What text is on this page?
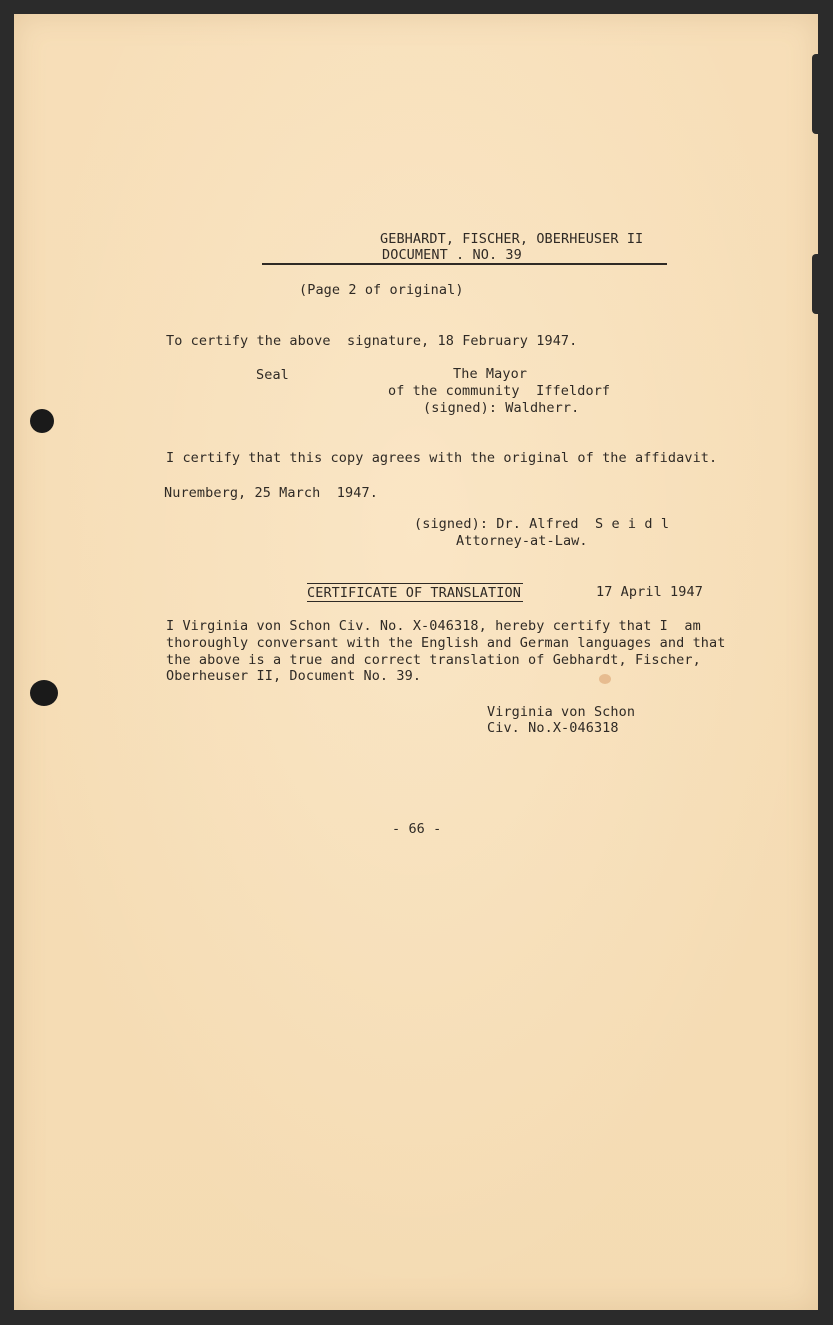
GEBHARDT, FISCHER, OBERHEUSER II
DOCUMENT . NO. 39
(Page 2 of original)
To certify the above  signature, 18 February 1947.
Seal	The Mayor
of the community  Iffeldorf
(signed): Waldherr.
I certify that this copy agrees with the original of the affidavit.
Nuremberg, 25 March  1947.
(signed): Dr. Alfred  S e i d l
Attorney-at-Law.
CERTIFICATE OF TRANSLATION	17 April 1947
I Virginia von Schon Civ. No. X-046318, hereby certify that I  am
thoroughly conversant with the English and German languages and that
the above is a true and correct translation of Gebhardt, Fischer,
Oberheuser II, Document No. 39.
Virginia von Schon
Civ. No.X-046318
- 66 -
